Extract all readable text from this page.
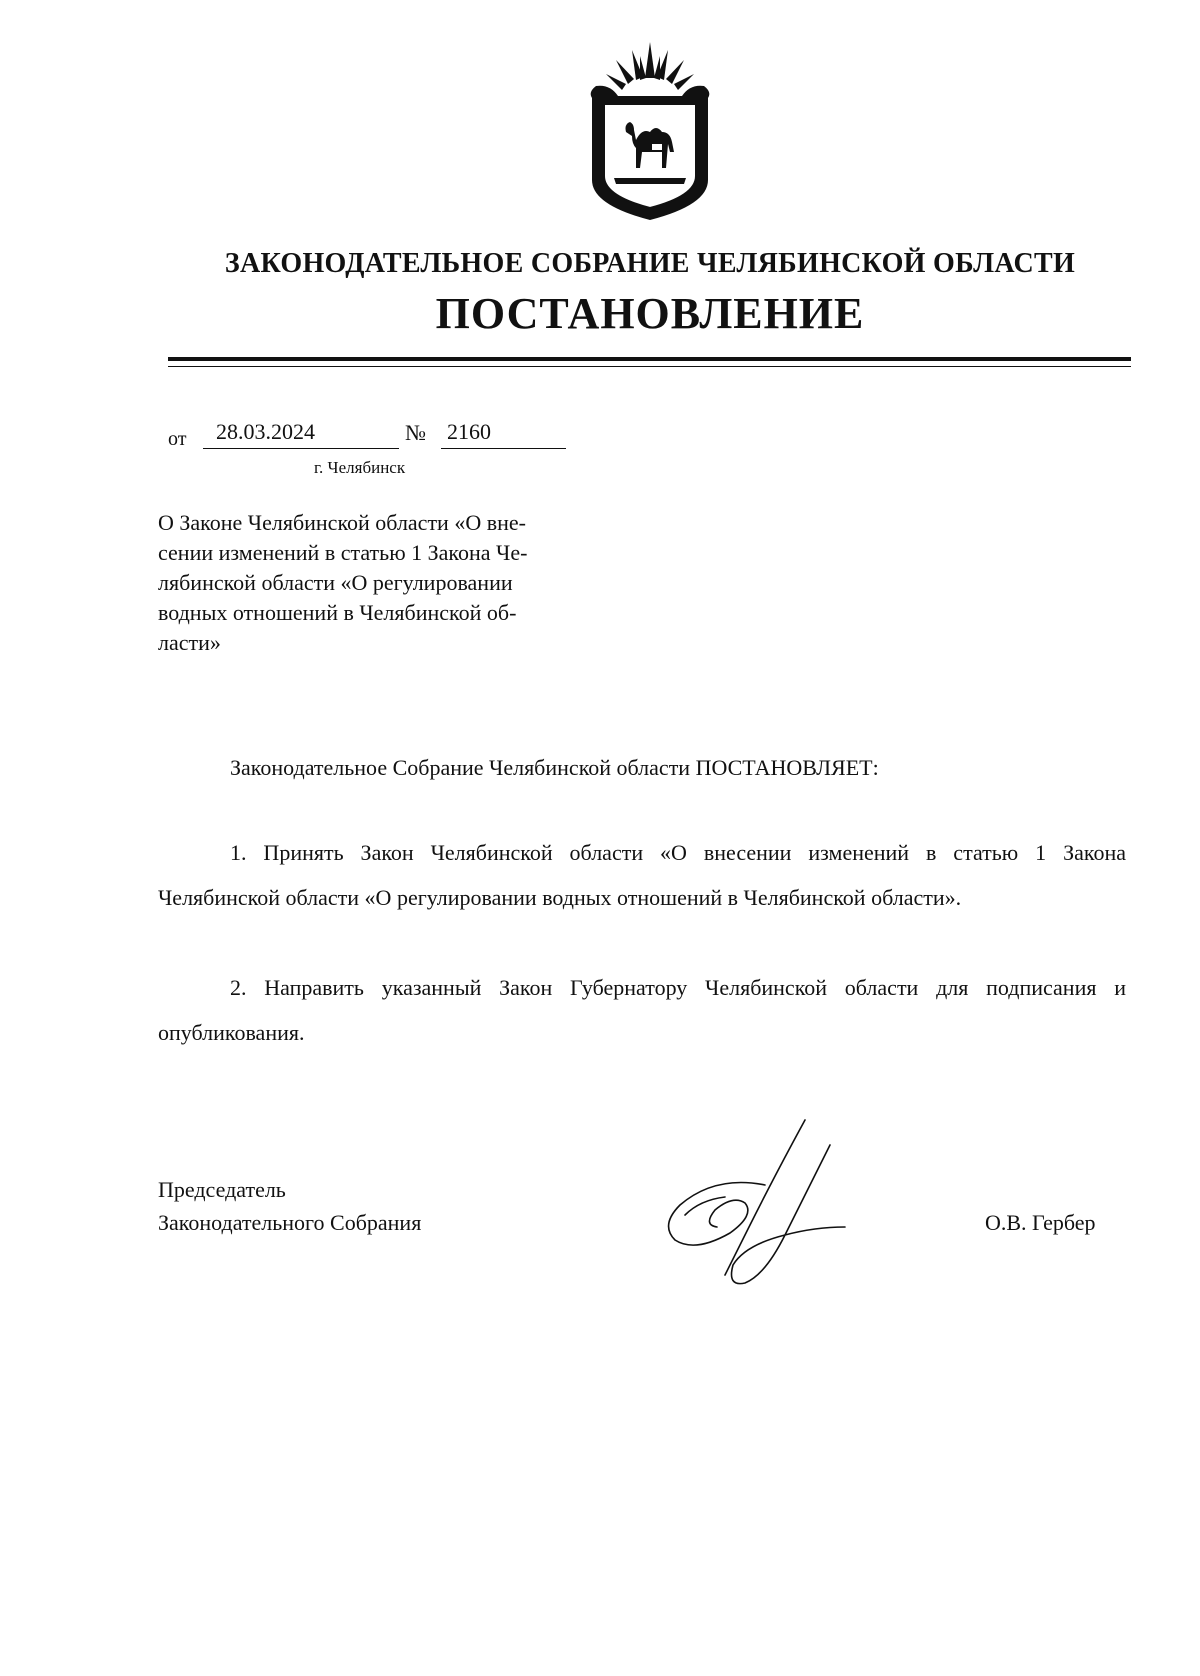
ЗАКОНОДАТЕЛЬНОЕ СОБРАНИЕ ЧЕЛЯБИНСКОЙ ОБЛАСТИ
ПОСТАНОВЛЕНИЕ
от	28.03.2024	№ 2160
г. Челябинск

О Законе Челябинской области «О вне-

сении изменений в статью 1 Закона Че-

лябинской области «О регулировании

водных отношений в Челябинской об-

ласти»

Законодательное Собрание Челябинской области ПОСТАНОВЛЯЕТ:

1. Принять Закон Челябинской области «О внесении изменений в статью 1 Закона Челябинской области «О регулировании водных отношений в Челябинской области».

2. Направить указанный Закон Губернатору Челябинской области для подписания и опубликования.

Председатель
Законодательного Собрания	О.В. Гербер
